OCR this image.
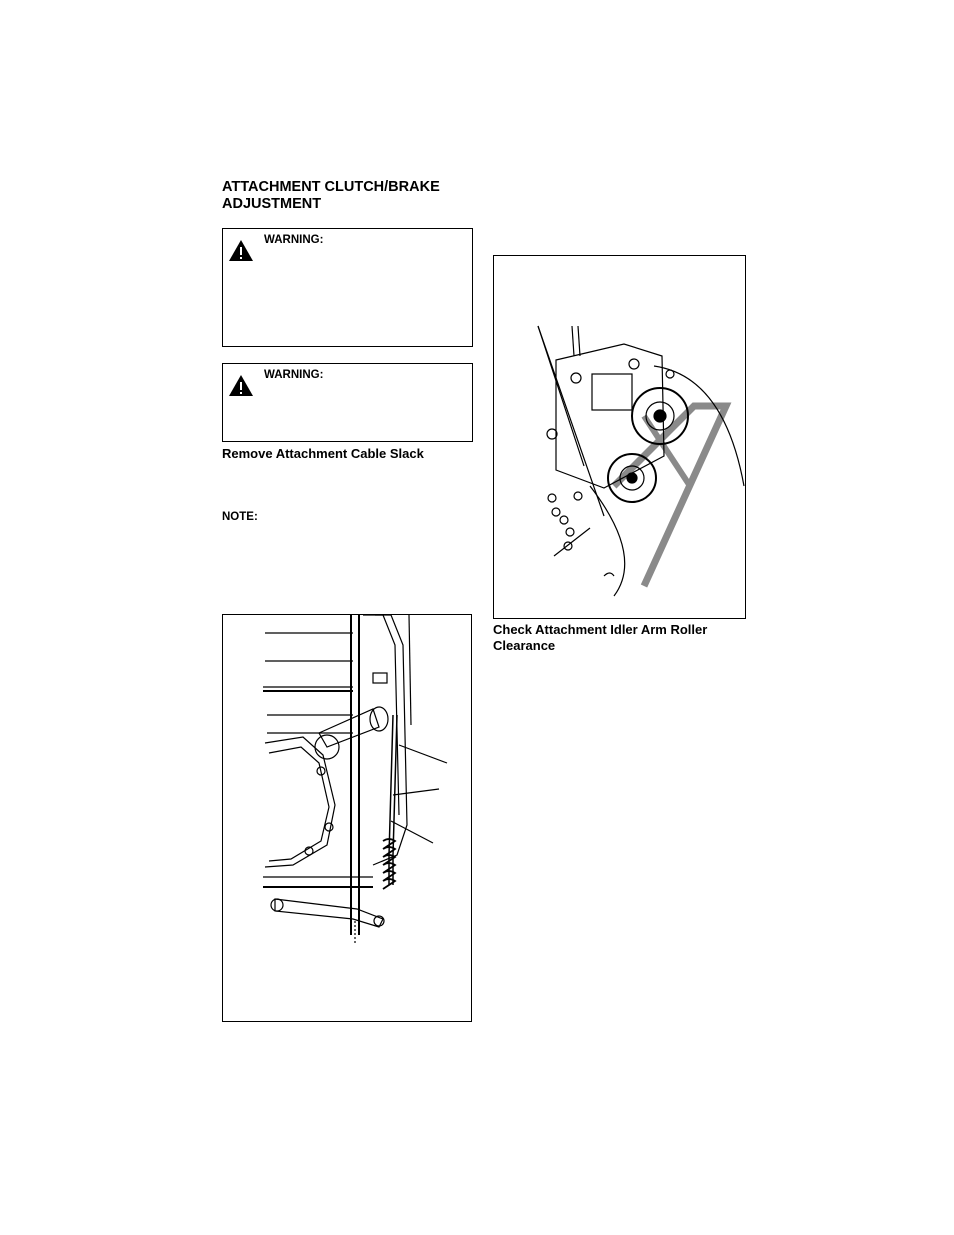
ATTACHMENT CLUTCH/BRAKE
ADJUSTMENT
WARNING:
WARNING:
Remove Attachment Cable Slack
NOTE:
Check Attachment Idler Arm Roller
Clearance
